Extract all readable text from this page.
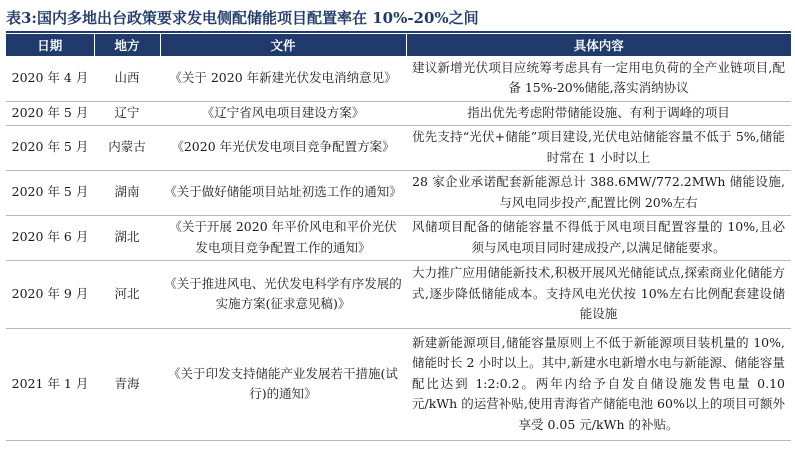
表3:国内多地出台政策要求发电侧配储能项目配置率在 10%-20%之间
日期	地方	文件	具体内容
2020 年 4 月	山西	《关于 2020 年新建光伏发电消纳意见》	建议新增光伏项目应统筹考虑具有一定用电负荷的全产业链项目,配备 15%-20%储能,落实消纳协议
2020 年 5 月	辽宁	《辽宁省风电项目建设方案》	指出优先考虑附带储能设施、有利于调峰的项目
2020 年 5 月	内蒙古	《2020 年光伏发电项目竞争配置方案》	优先支持“光伏+储能”项目建设,光伏电站储能容量不低于 5%,储能时常在 1 小时以上
2020 年 5 月	湖南	《关于做好储能项目站址初选工作的通知》	28 家企业承诺配套新能源总计 388.6MW/772.2MWh 储能设施,与风电同步投产,配置比例 20%左右
2020 年 6 月	湖北	《关于开展 2020 年平价风电和平价光伏发电项目竞争配置工作的通知》	风储项目配备的储能容量不得低于风电项目配置容量的 10%,且必须与风电项目同时建成投产,以满足储能要求。
2020 年 9 月	河北	《关于推进风电、光伏发电科学有序发展的实施方案(征求意见稿)》	大力推广应用储能新技术,积极开展风光储能试点,探索商业化储能方式,逐步降低储能成本。支持风电光伏按 10%左右比例配套建设储能设施
2021 年 1 月	青海	《关于印发支持储能产业发展若干措施(试行)的通知》	新建新能源项目,储能容量原则上不低于新能源项目装机量的 10%,储能时长 2 小时以上。其中,新建水电新增水电与新能源、储能容量配比达到 1:2:0.2。两年内给予自发自储设施发售电量 0.10 元/kWh 的运营补贴,使用青海省产储能电池 60%以上的项目可额外享受 0.05 元/kWh 的补贴。
